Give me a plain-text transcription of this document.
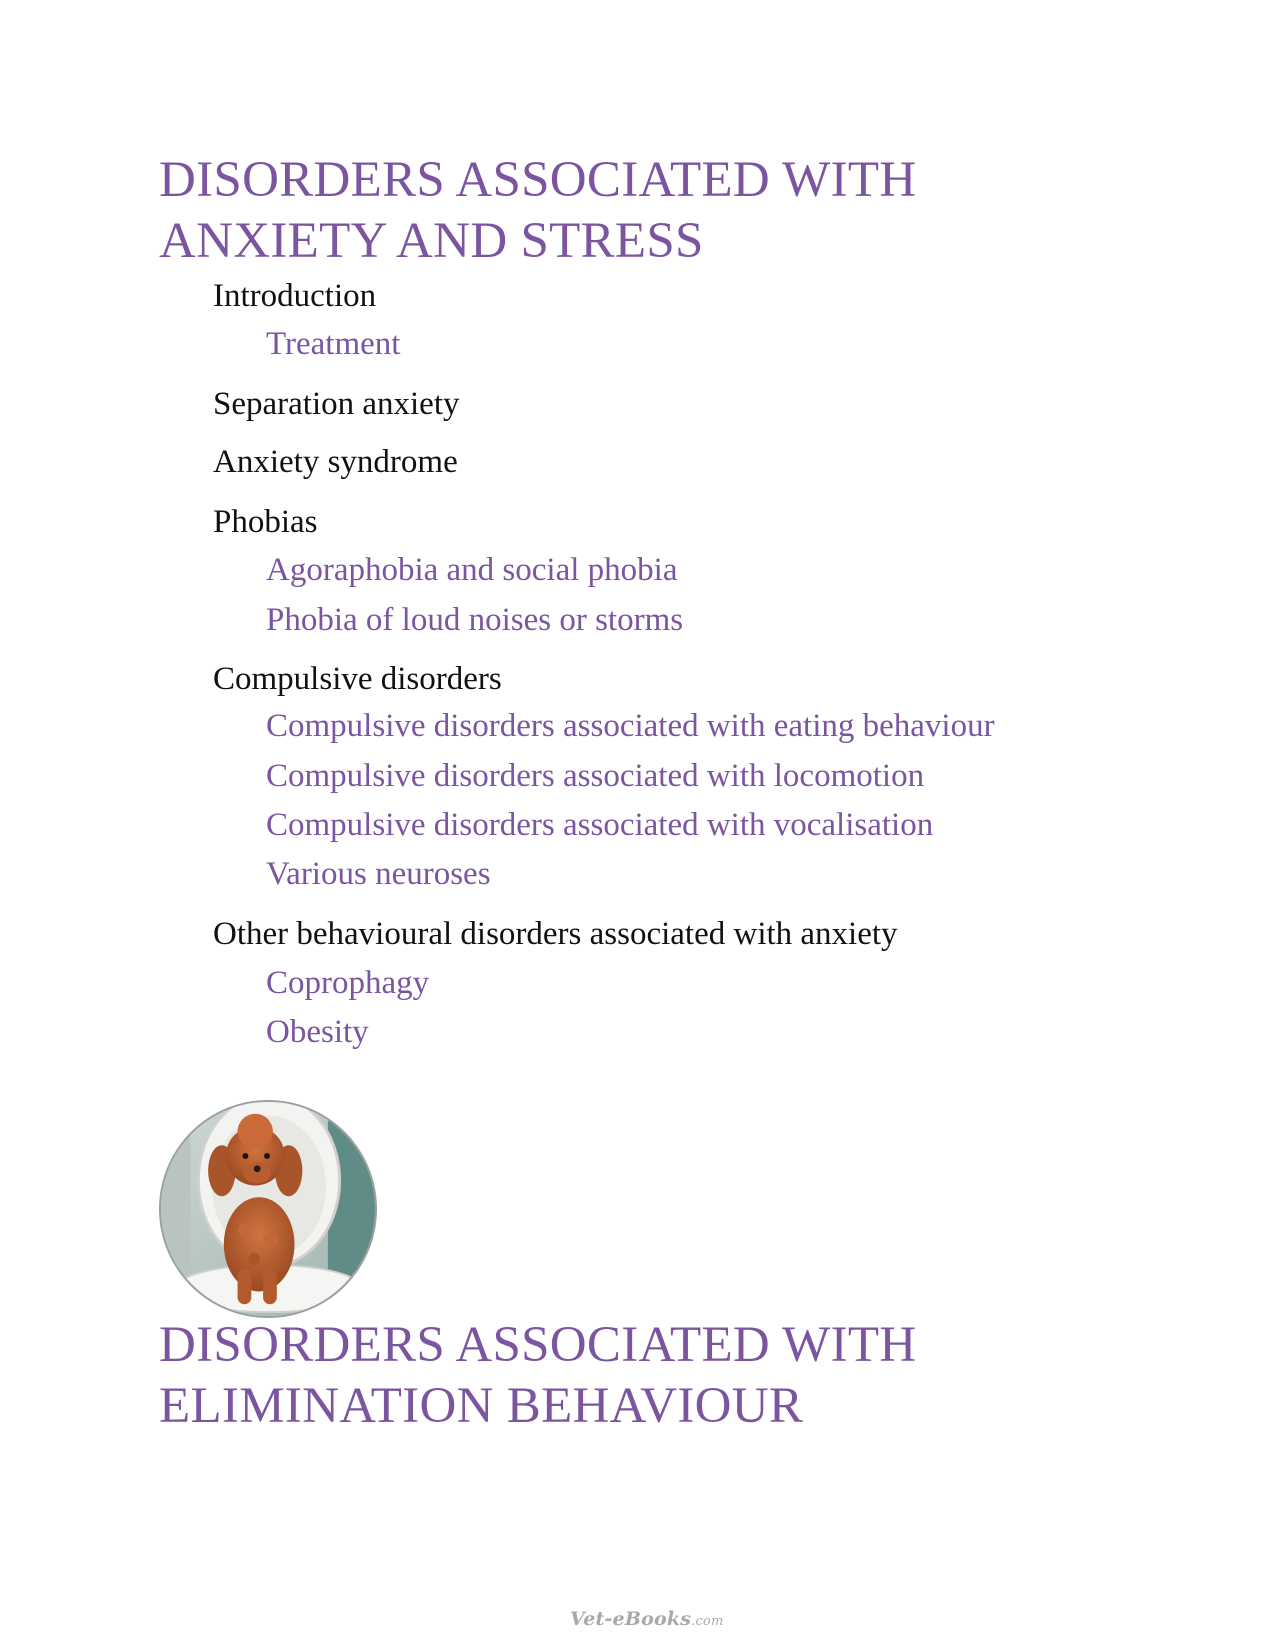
DISORDERS ASSOCIATED WITH
ANXIETY AND STRESS
Introduction
Treatment
Separation anxiety
Anxiety syndrome
Phobias
Agoraphobia and social phobia
Phobia of loud noises or storms
Compulsive disorders
Compulsive disorders associated with eating behaviour
Compulsive disorders associated with locomotion
Compulsive disorders associated with vocalisation
Various neuroses
Other behavioural disorders associated with anxiety
Coprophagy
Obesity
DISORDERS ASSOCIATED WITH
ELIMINATION BEHAVIOUR
Vet-eBooks.com
